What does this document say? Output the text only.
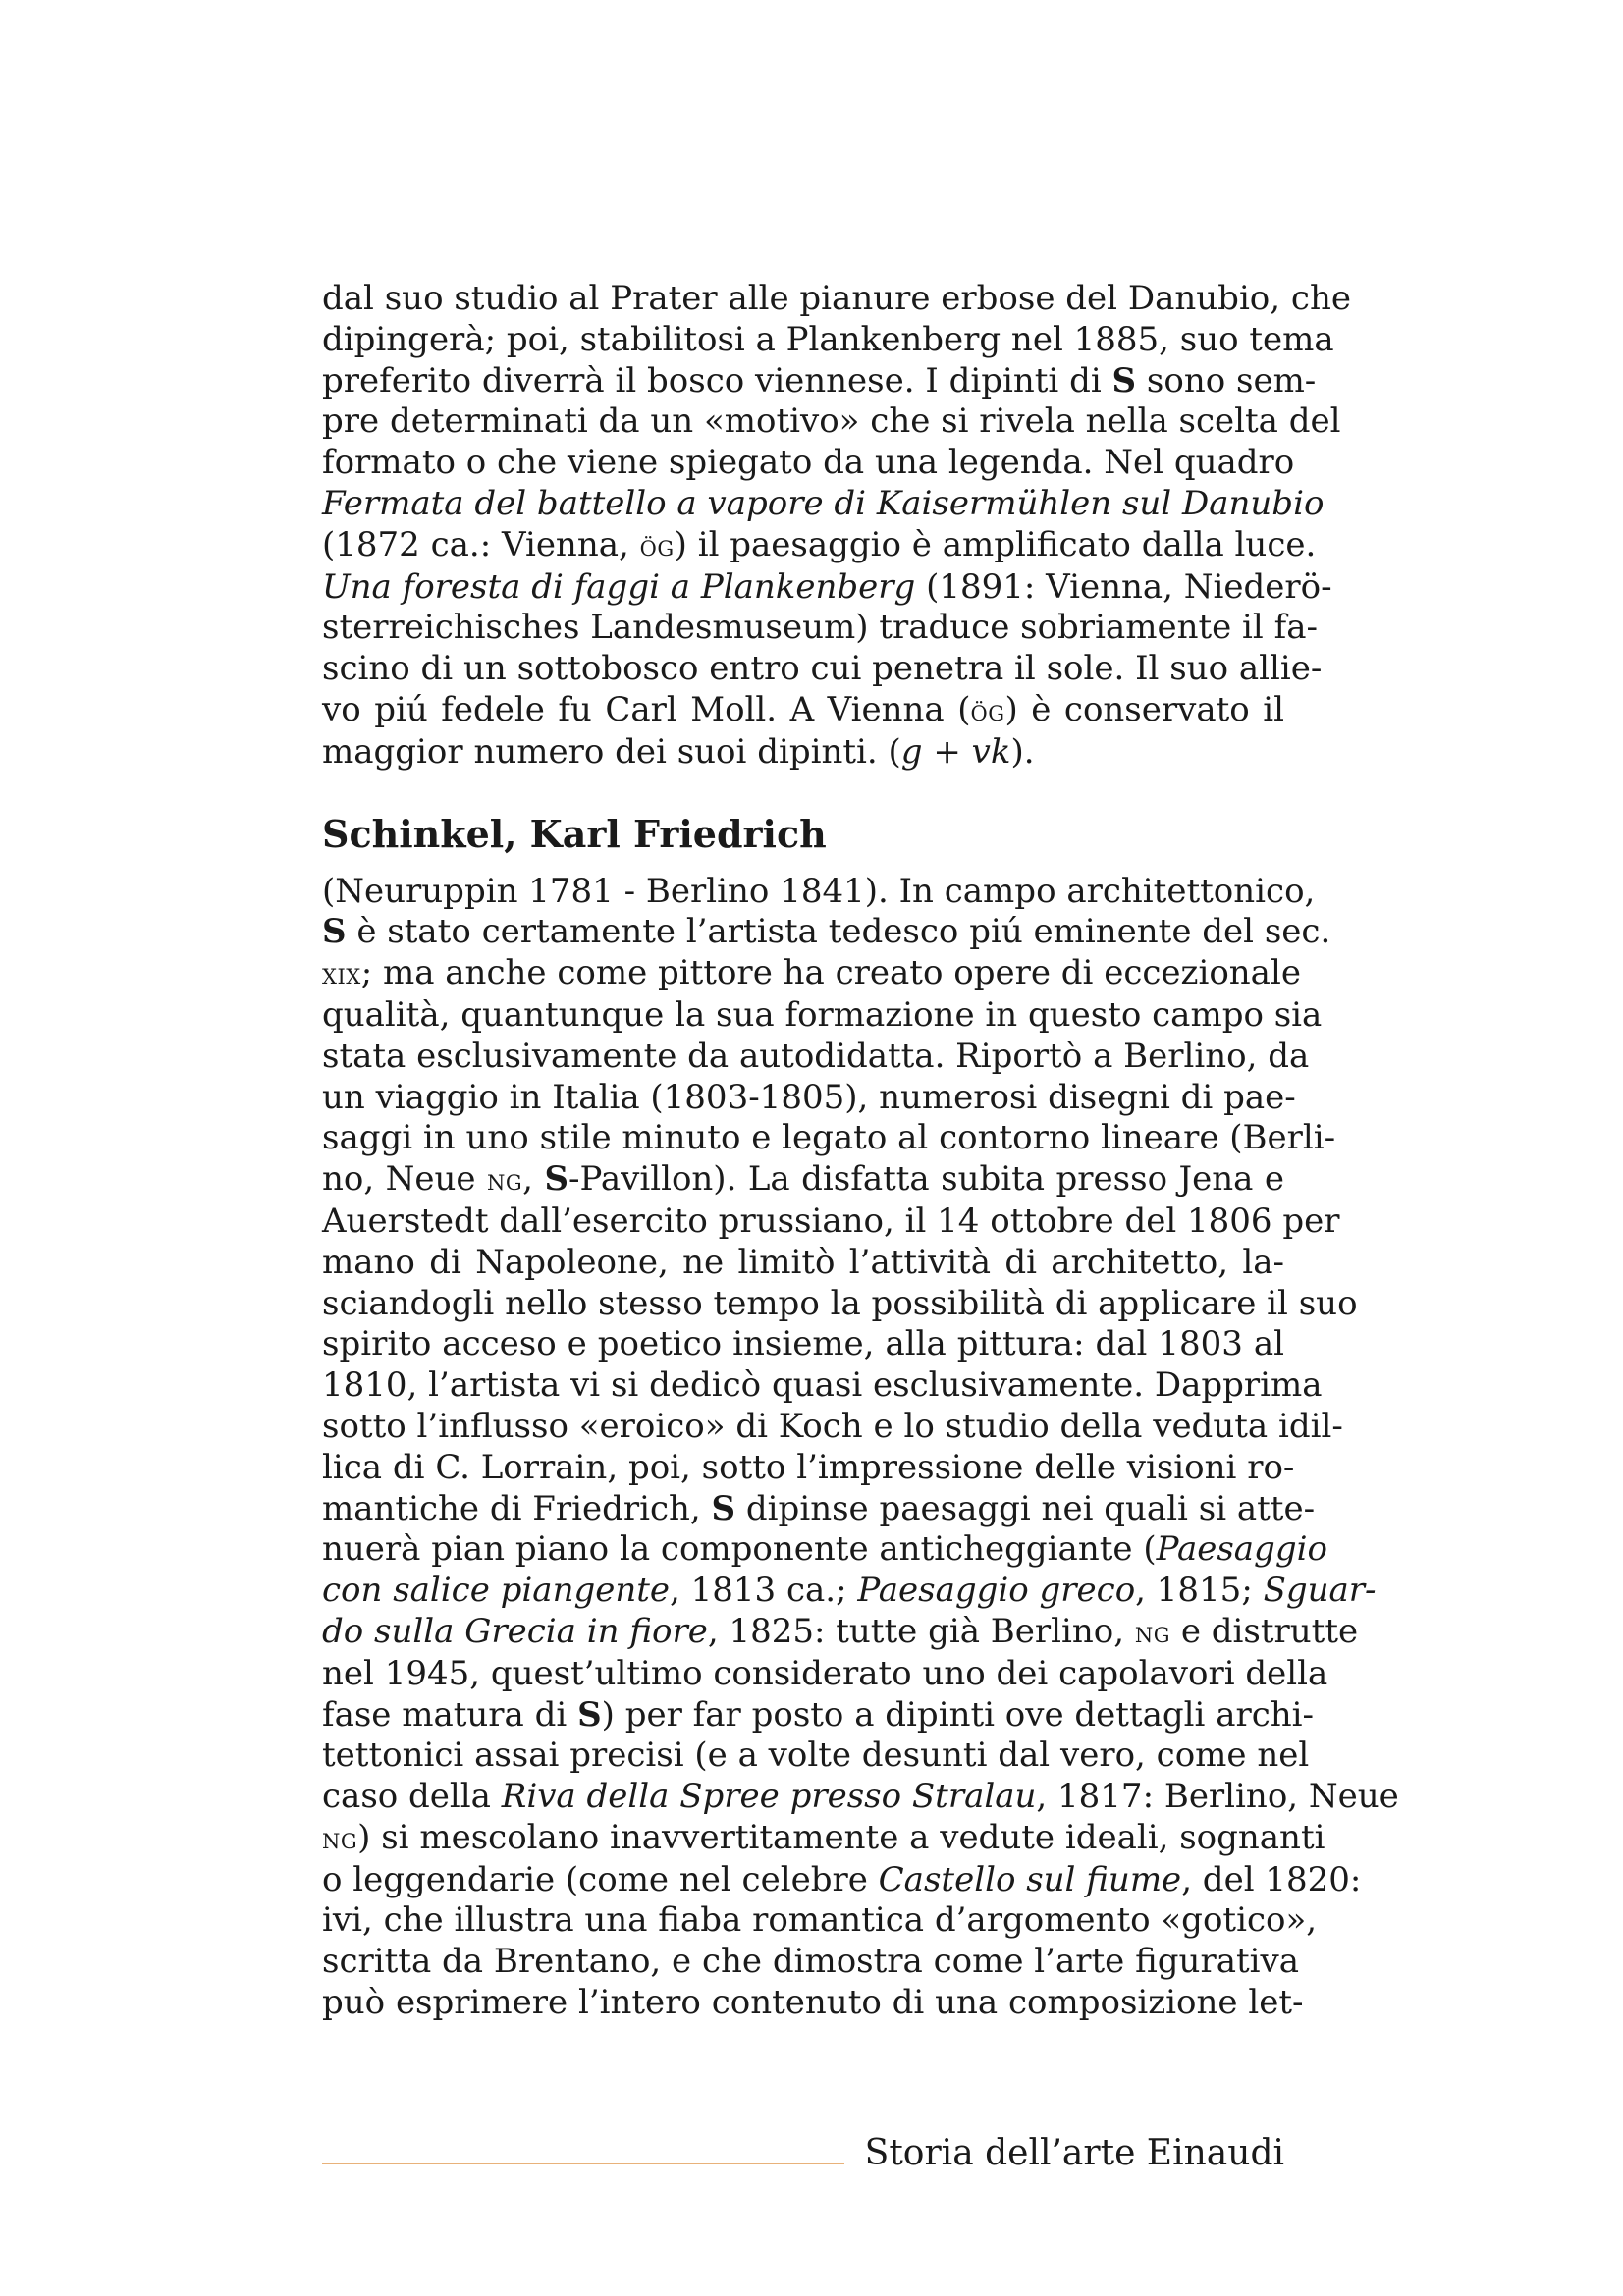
dal suo studio al Prater alle pianure erbose del Danubio, che
dipingerà; poi, stabilitosi a Plankenberg nel 1885, suo tema
preferito diverrà il bosco viennese. I dipinti di S sono sem-
pre determinati da un «motivo» che si rivela nella scelta del
formato o che viene spiegato da una legenda. Nel quadro
Fermata del battello a vapore di Kaisermühlen sul Danubio
(1872 ca.: Vienna, ög) il paesaggio è amplificato dalla luce.
Una foresta di faggi a Plankenberg (1891: Vienna, Niederö-
sterreichisches Landesmuseum) traduce sobriamente il fa-
scino di un sottobosco entro cui penetra il sole. Il suo allie-
vo piú fedele fu Carl Moll. A Vienna (ög) è conservato il
maggior numero dei suoi dipinti. (g + vk).

Schinkel, Karl Friedrich

(Neuruppin 1781 - Berlino 1841). In campo architettonico,
S è stato certamente l’artista tedesco piú eminente del sec.
xix; ma anche come pittore ha creato opere di eccezionale
qualità, quantunque la sua formazione in questo campo sia
stata esclusivamente da autodidatta. Riportò a Berlino, da
un viaggio in Italia (1803-1805), numerosi disegni di pae-
saggi in uno stile minuto e legato al contorno lineare (Berli-
no, Neue ng, S-Pavillon). La disfatta subita presso Jena e
Auerstedt dall’esercito prussiano, il 14 ottobre del 1806 per
mano di Napoleone, ne limitò l’attività di architetto, la-
sciandogli nello stesso tempo la possibilità di applicare il suo
spirito acceso e poetico insieme, alla pittura: dal 1803 al
1810, l’artista vi si dedicò quasi esclusivamente. Dapprima
sotto l’influsso «eroico» di Koch e lo studio della veduta idil-
lica di C. Lorrain, poi, sotto l’impressione delle visioni ro-
mantiche di Friedrich, S dipinse paesaggi nei quali si atte-
nuerà pian piano la componente anticheggiante (Paesaggio
con salice piangente, 1813 ca.; Paesaggio greco, 1815; Sguar-
do sulla Grecia in fiore, 1825: tutte già Berlino, ng e distrutte
nel 1945, quest’ultimo considerato uno dei capolavori della
fase matura di S) per far posto a dipinti ove dettagli archi-
tettonici assai precisi (e a volte desunti dal vero, come nel
caso della Riva della Spree presso Stralau, 1817: Berlino, Neue
ng) si mescolano inavvertitamente a vedute ideali, sognanti
o leggendarie (come nel celebre Castello sul fiume, del 1820:
ivi, che illustra una fiaba romantica d’argomento «gotico»,
scritta da Brentano, e che dimostra come l’arte figurativa
può esprimere l’intero contenuto di una composizione let-

Storia dell’arte Einaudi
